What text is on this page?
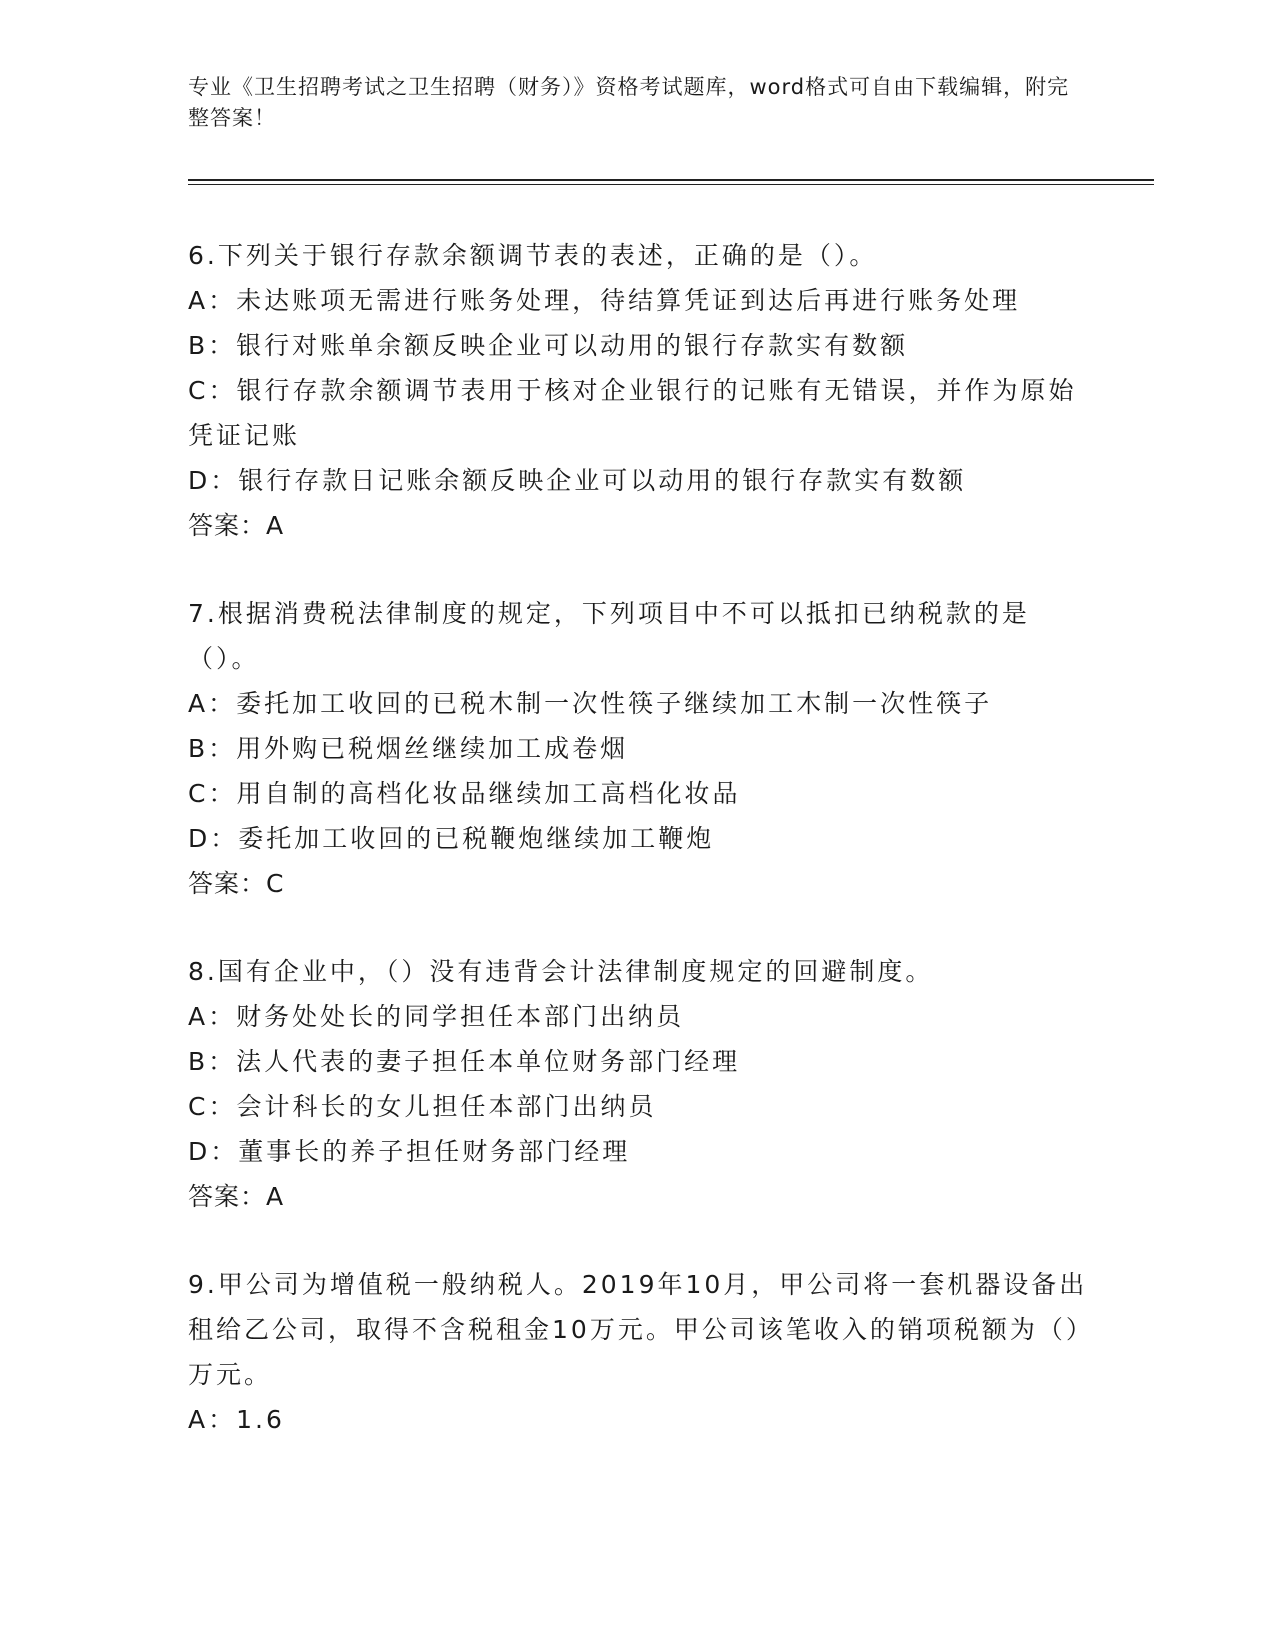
专业《卫生招聘考试之卫生招聘（财务）》资格考试题库，word格式可自由下载编辑，附完整答案！
6.下列关于银行存款余额调节表的表述，正确的是（）。
A：未达账项无需进行账务处理，待结算凭证到达后再进行账务处理
B：银行对账单余额反映企业可以动用的银行存款实有数额
C：银行存款余额调节表用于核对企业银行的记账有无错误，并作为原始凭证记账
D：银行存款日记账余额反映企业可以动用的银行存款实有数额
答案：A
7.根据消费税法律制度的规定，下列项目中不可以抵扣已纳税款的是（）。
A：委托加工收回的已税木制一次性筷子继续加工木制一次性筷子
B：用外购已税烟丝继续加工成卷烟
C：用自制的高档化妆品继续加工高档化妆品
D：委托加工收回的已税鞭炮继续加工鞭炮
答案：C
8.国有企业中，（）没有违背会计法律制度规定的回避制度。
A：财务处处长的同学担任本部门出纳员
B：法人代表的妻子担任本单位财务部门经理
C：会计科长的女儿担任本部门出纳员
D：董事长的养子担任财务部门经理
答案：A
9.甲公司为增值税一般纳税人。2019年10月，甲公司将一套机器设备出租给乙公司，取得不含税租金10万元。甲公司该笔收入的销项税额为（）万元。
A：1.6
